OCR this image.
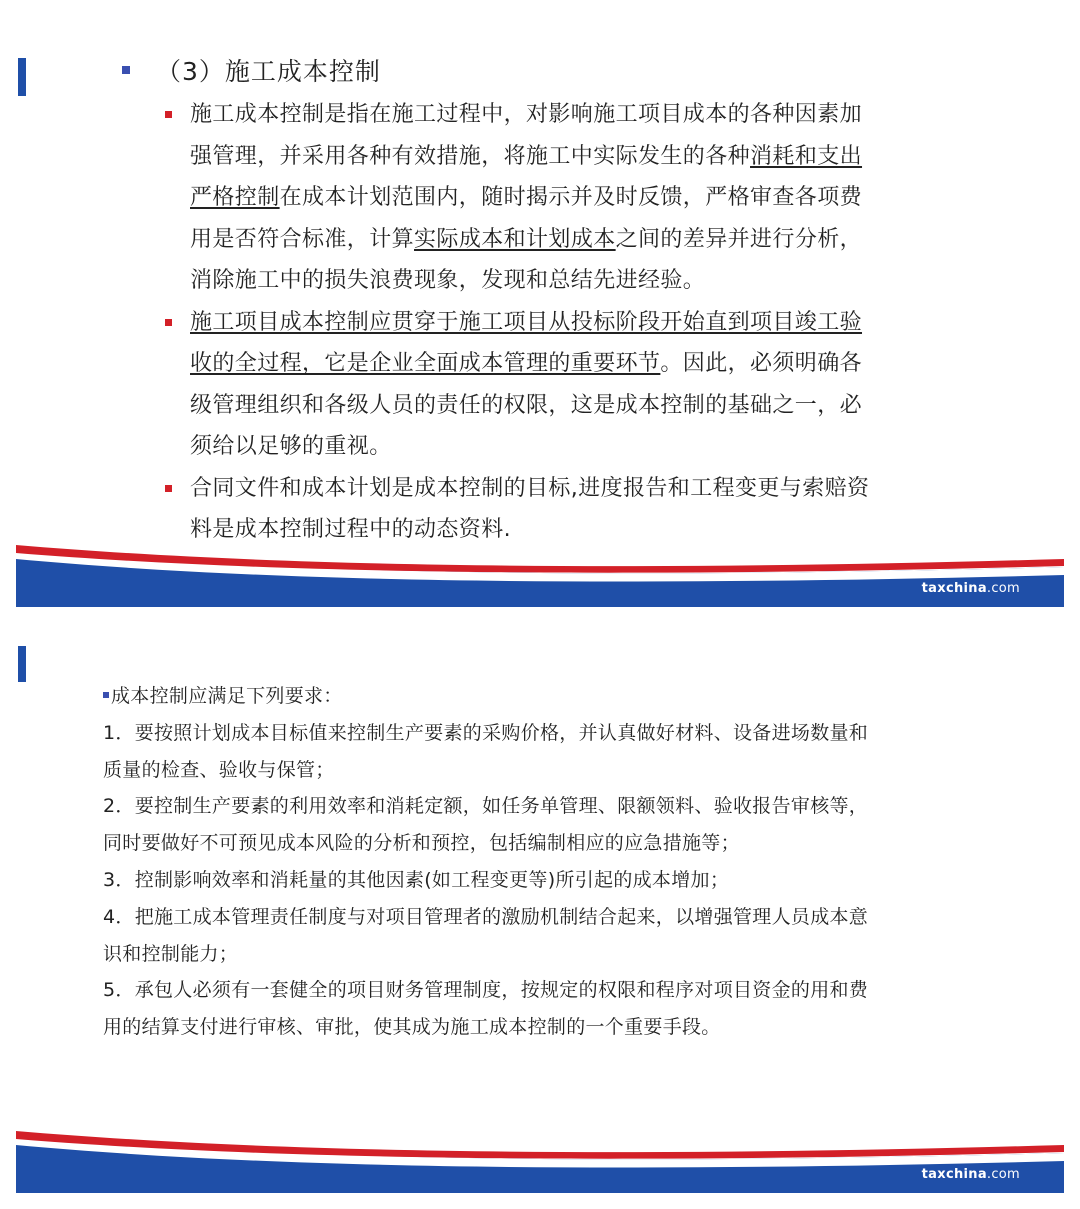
（3）施工成本控制
施工成本控制是指在施工过程中，对影响施工项目成本的各种因素加强管理，并采用各种有效措施，将施工中实际发生的各种消耗和支出严格控制在成本计划范围内，随时揭示并及时反馈，严格审查各项费用是否符合标准，计算实际成本和计划成本之间的差异并进行分析，消除施工中的损失浪费现象，发现和总结先进经验。
施工项目成本控制应贯穿于施工项目从投标阶段开始直到项目竣工验收的全过程，它是企业全面成本管理的重要环节。因此，必须明确各级管理组织和各级人员的责任的权限，这是成本控制的基础之一，必须给以足够的重视。
合同文件和成本计划是成本控制的目标,进度报告和工程变更与索赔资料是成本控制过程中的动态资料.
taxchina.com

成本控制应满足下列要求：

1．要按照计划成本目标值来控制生产要素的采购价格，并认真做好材料、设备进场数量和质量的检查、验收与保管；

2．要控制生产要素的利用效率和消耗定额，如任务单管理、限额领料、验收报告审核等，同时要做好不可预见成本风险的分析和预控，包括编制相应的应急措施等；

3．控制影响效率和消耗量的其他因素(如工程变更等)所引起的成本增加；

4．把施工成本管理责任制度与对项目管理者的激励机制结合起来，以增强管理人员成本意识和控制能力；

5．承包人必须有一套健全的项目财务管理制度，按规定的权限和程序对项目资金的用和费用的结算支付进行审核、审批，使其成为施工成本控制的一个重要手段。

taxchina.com
